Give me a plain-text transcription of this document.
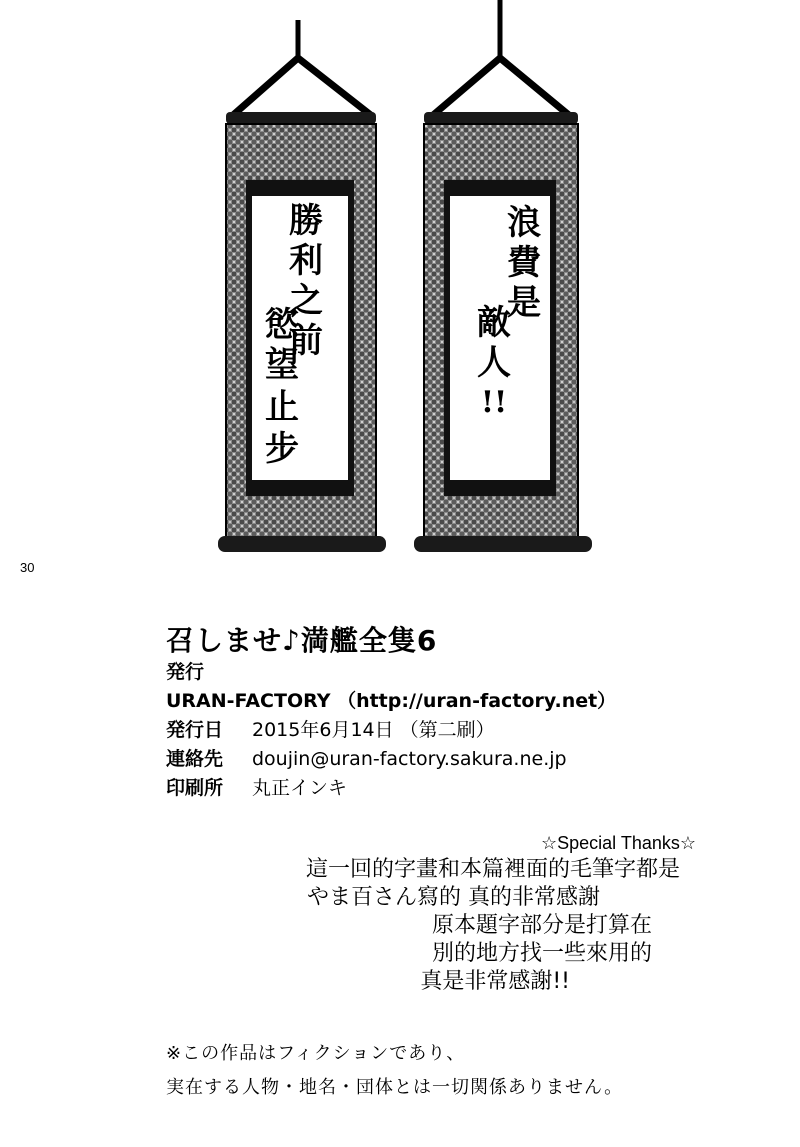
勝
利
之
前
慾
望
止
步
浪
費
是
敵
人
!!
30
召しませ♪満艦全隻6
発行
URAN-FACTORY （http://uran-factory.net）
発行日 2015年6月14日 （第二刷）
連絡先 doujin@uran-factory.sakura.ne.jp
印刷所 丸正インキ
☆Special Thanks☆
這一回的字畫和本篇裡面的毛筆字都是
やま百さん寫的 真的非常感謝
原本題字部分是打算在
別的地方找一些來用的
真是非常感謝!!
※この作品はフィクションであり、
実在する人物・地名・団体とは一切関係ありません。
